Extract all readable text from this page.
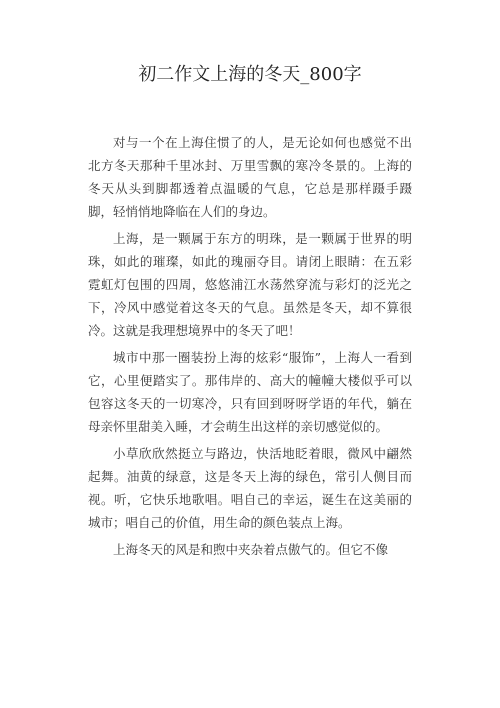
初二作文上海的冬天_800字

对与一个在上海住惯了的人，是无论如何也感觉不出北方冬天那种千里冰封、万里雪飘的寒冷冬景的。上海的冬天从头到脚都透着点温暖的气息，它总是那样蹑手蹑脚，轻悄悄地降临在人们的身边。

上海，是一颗属于东方的明珠，是一颗属于世界的明珠，如此的璀璨，如此的瑰丽夺目。请闭上眼睛：在五彩霓虹灯包围的四周，悠悠浦江水荡然穿流与彩灯的泛光之下，冷风中感觉着这冬天的气息。虽然是冬天，却不算很冷。这就是我理想境界中的冬天了吧！

城市中那一圈装扮上海的炫彩“服饰”，上海人一看到它，心里便踏实了。那伟岸的、高大的幢幢大楼似乎可以包容这冬天的一切寒冷，只有回到呀呀学语的年代，躺在母亲怀里甜美入睡，才会萌生出这样的亲切感觉似的。

小草欣欣然挺立与路边，快活地眨着眼，微风中翩然起舞。油黄的绿意，这是冬天上海的绿色，常引人侧目而视。听，它快乐地歌唱。唱自己的幸运，诞生在这美丽的城市；唱自己的价值，用生命的颜色装点上海。

上海冬天的风是和煦中夹杂着点傲气的。但它不像
